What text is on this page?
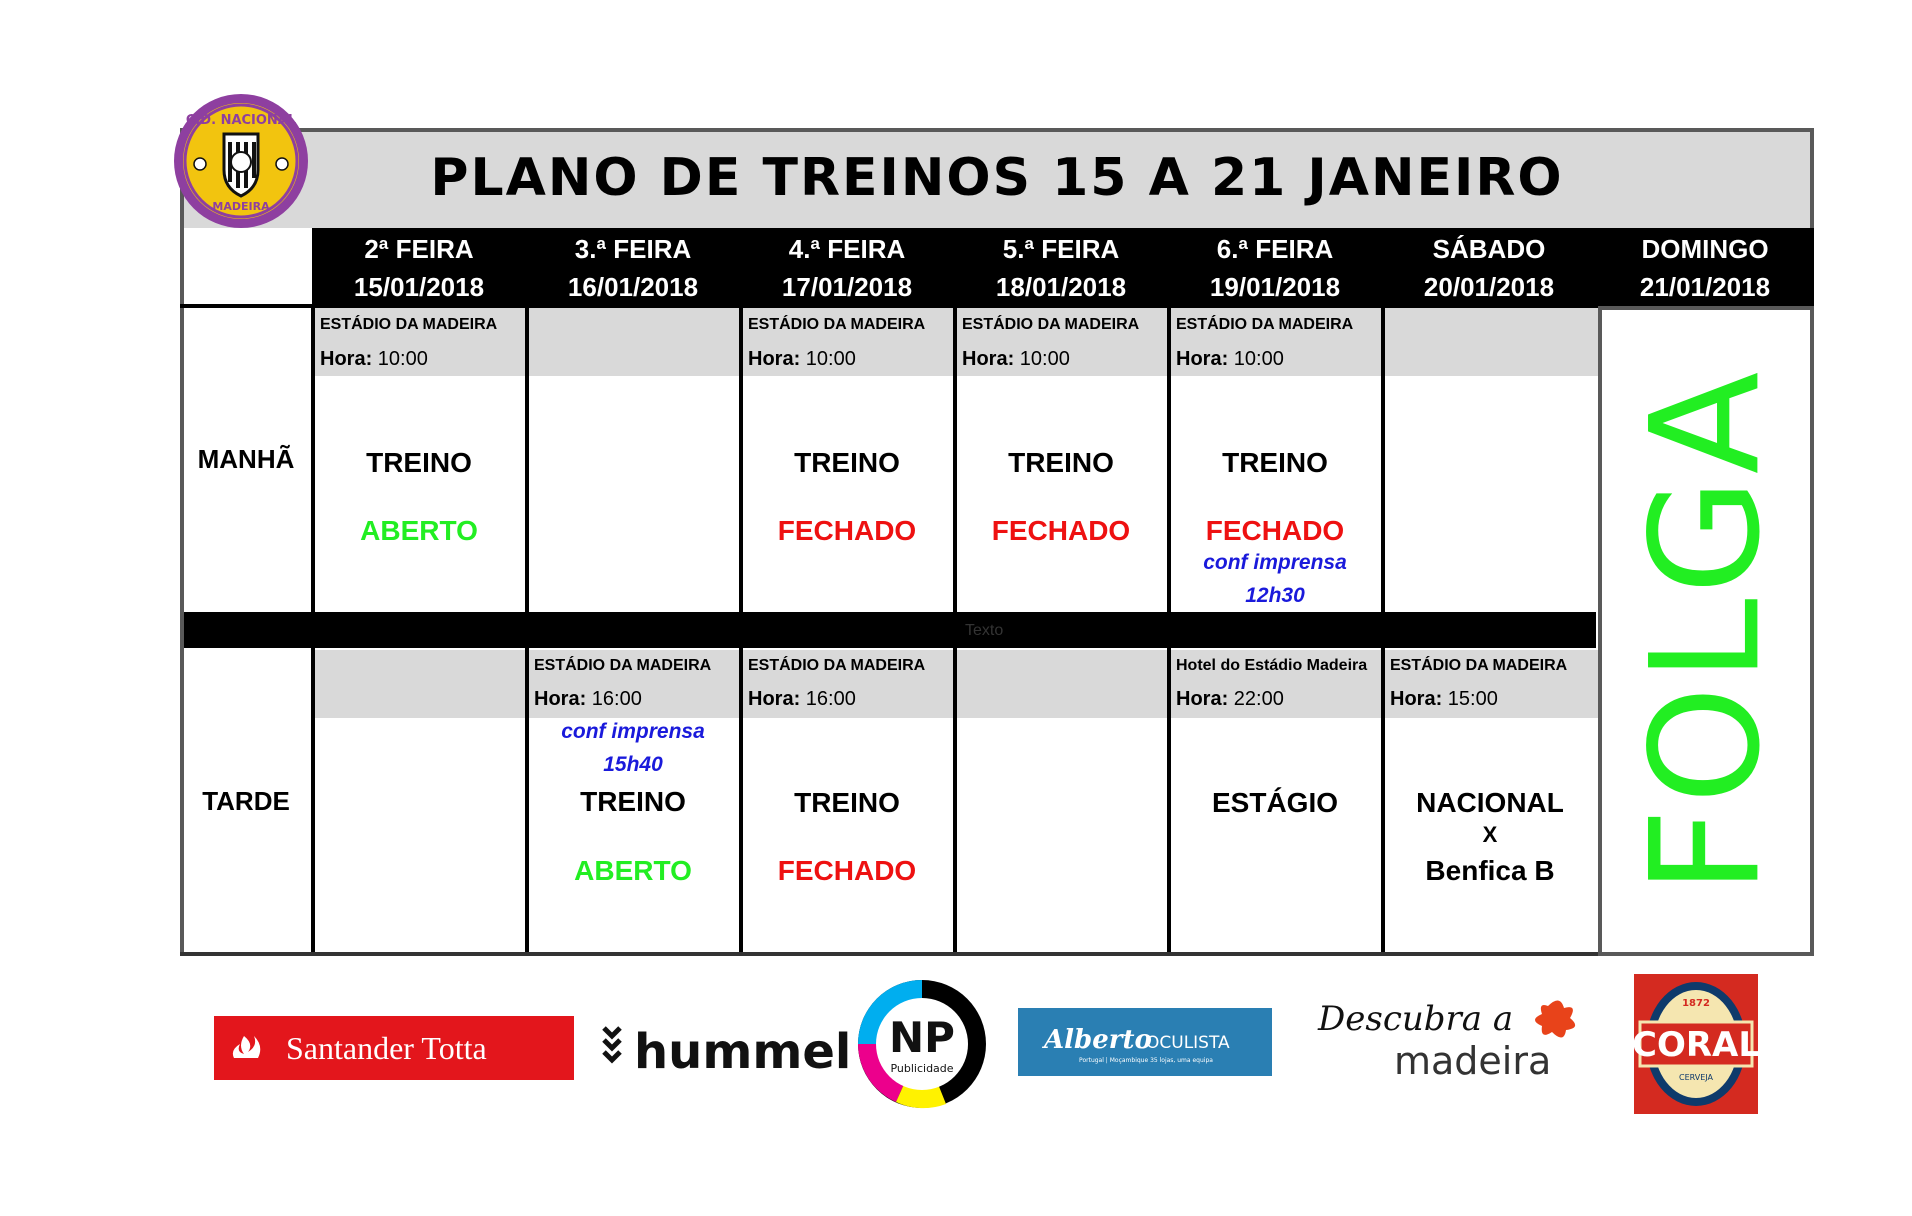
PLANO DE TREINOS 15 A 21 JANEIRO
C.D. NACIONAL
MADEIRA
2ª FEIRA
15/01/2018
3.ª FEIRA
16/01/2018
4.ª FEIRA
17/01/2018
5.ª FEIRA
18/01/2018
6.ª FEIRA
19/01/2018
SÁBADO
20/01/2018
DOMINGO
21/01/2018
MANHÃ
TARDE
ESTÁDIO DA MADEIRA
Hora: 10:00
TREINO
ABERTO
ESTÁDIO DA MADEIRA
Hora: 10:00
TREINO
FECHADO
ESTÁDIO DA MADEIRA
Hora: 10:00
TREINO
FECHADO
ESTÁDIO DA MADEIRA
Hora: 10:00
TREINO
FECHADO
conf imprensa
12h30
ESTÁDIO DA MADEIRA
Hora: 16:00
conf imprensa
15h40
TREINO
ABERTO
ESTÁDIO DA MADEIRA
Hora: 16:00
TREINO
FECHADO
Hotel do Estádio Madeira
Hora: 22:00
ESTÁGIO
ESTÁDIO DA MADEIRA
Hora: 15:00
NACIONAL
X
Benfica B
Texto	FOLGA
Santander Totta	hummel NP
Publicidade
Alberto
OCULISTA
Portugal | Moçambique 35 lojas, uma equipa
Descubra a
madeira CORAL
1872
CERVEJA
